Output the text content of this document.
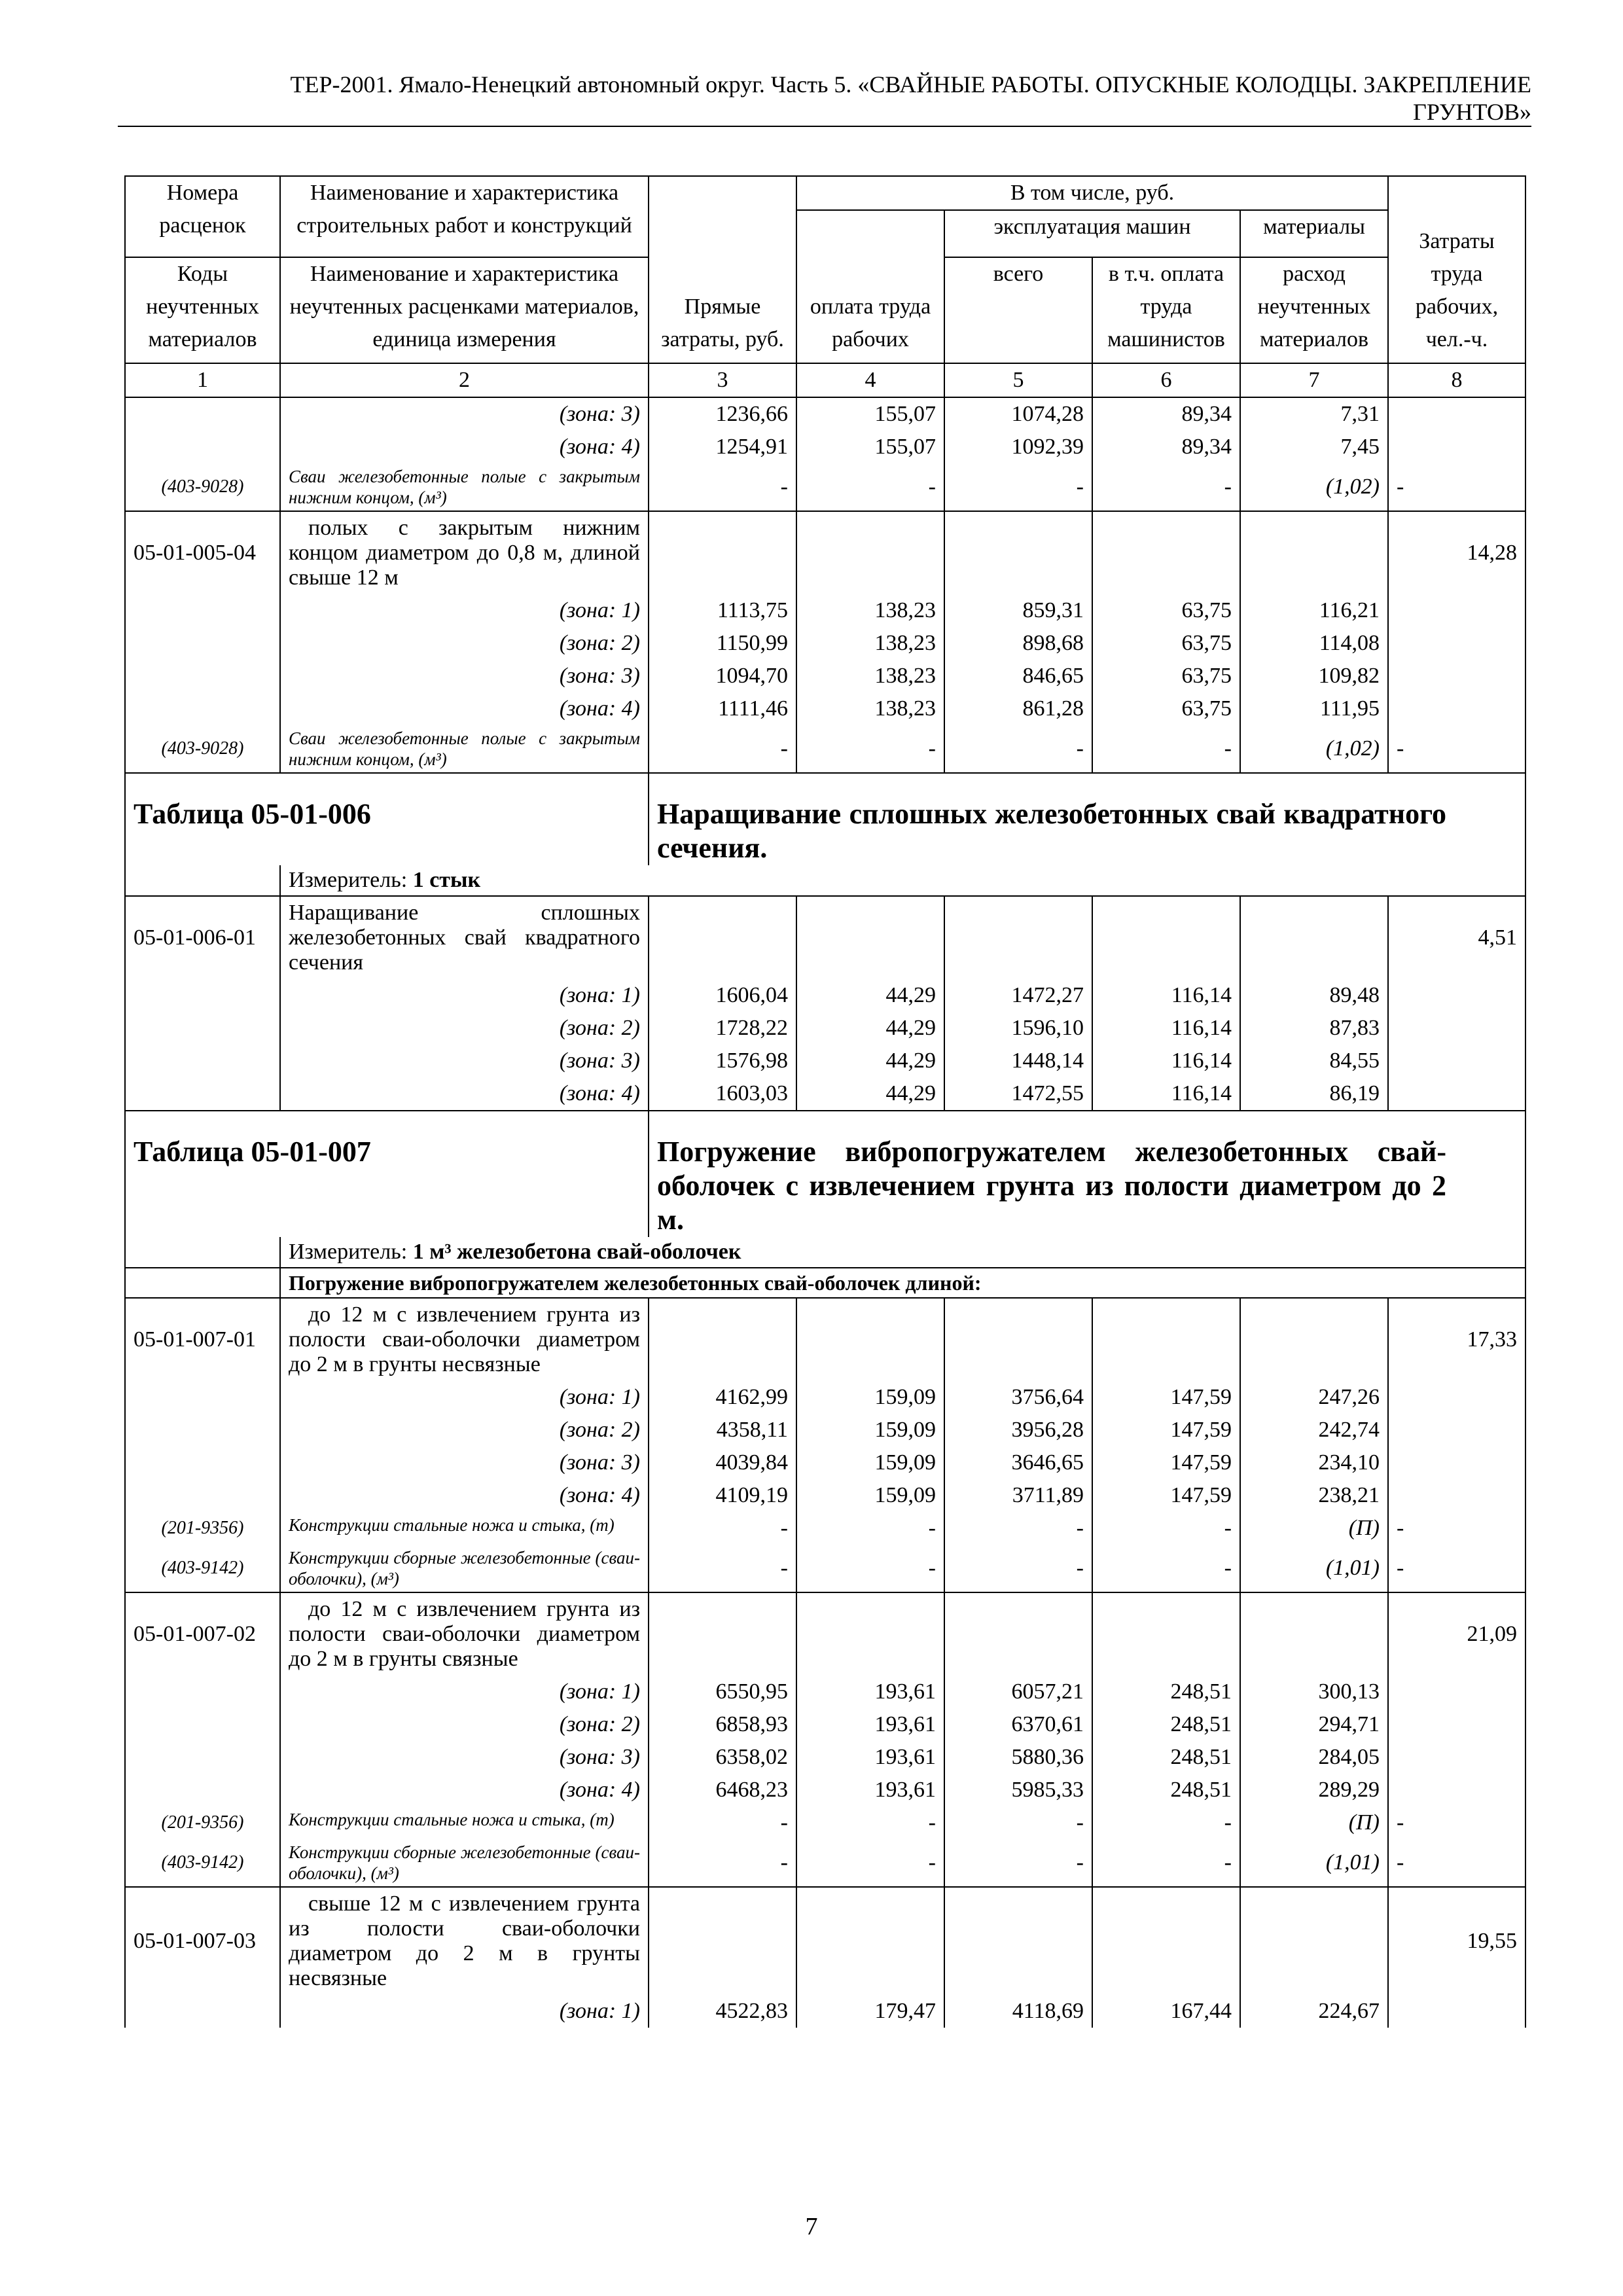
ТЕР-2001. Ямало-Ненецкий автономный округ. Часть 5. «СВАЙНЫЕ РАБОТЫ. ОПУСКНЫЕ КОЛОДЦЫ. ЗАКРЕПЛЕНИЕ
ГРУНТОВ»
Номера расценок	Наименование и характеристика строительных работ и конструкций	Прямые затраты, руб.	В том числе, руб.				Затраты труда рабочих, чел.-ч.
			оплата труда рабочих	эксплуатация машин		материалы	
Коды неучтенных материалов	Наименование и характеристика неучтенных расценками материалов, единица измерения			всего	в т.ч. оплата труда машинистов	расход неучтенных материалов	

1	2	3	4	5	6	7	8
	(зона: 3)	1236,66	155,07	1074,28	89,34	7,31	
	(зона: 4)	1254,91	155,07	1092,39	89,34	7,45	
(403-9028)	Сваи железобетонные полые с закрытым нижним концом, (м³)	-	-	-	-	(1,02)	-
05-01-005-04	полых с закрытым нижним концом диаметром до 0,8 м, длиной свыше 12 м						14,28
	(зона: 1)	1113,75	138,23	859,31	63,75	116,21	
	(зона: 2)	1150,99	138,23	898,68	63,75	114,08	
	(зона: 3)	1094,70	138,23	846,65	63,75	109,82	
	(зона: 4)	1111,46	138,23	861,28	63,75	111,95	
(403-9028)	Сваи железобетонные полые с закрытым нижним концом, (м³)	-	-	-	-	(1,02)	-
Таблица 05-01-006		Наращивание сплошных железобетонных свай квадратного сечения.					
	Измеритель: 1 стык						
05-01-006-01	Наращивание сплошных железобетонных свай квадратного сечения						4,51
	(зона: 1)	1606,04	44,29	1472,27	116,14	89,48	
	(зона: 2)	1728,22	44,29	1596,10	116,14	87,83	
	(зона: 3)	1576,98	44,29	1448,14	116,14	84,55	
	(зона: 4)	1603,03	44,29	1472,55	116,14	86,19	
Таблица 05-01-007		Погружение вибропогружателем железобетонных свай-оболочек с извлечением грунта из полости диаметром до 2 м.					
	Измеритель: 1 м³ железобетона свай-оболочек						
	Погружение вибропогружателем железобетонных свай-оболочек длиной:						
05-01-007-01	до 12 м с извлечением грунта из полости сваи-оболочки диаметром до 2 м в грунты несвязные						17,33
	(зона: 1)	4162,99	159,09	3756,64	147,59	247,26	
	(зона: 2)	4358,11	159,09	3956,28	147,59	242,74	
	(зона: 3)	4039,84	159,09	3646,65	147,59	234,10	
	(зона: 4)	4109,19	159,09	3711,89	147,59	238,21	
(201-9356)	Конструкции стальные ножа и стыка, (т)	-	-	-	-	(П)	-
(403-9142)	Конструкции сборные железобетонные (сваи-оболочки), (м³)	-	-	-	-	(1,01)	-
05-01-007-02	до 12 м с извлечением грунта из полости сваи-оболочки диаметром до 2 м в грунты связные						21,09
	(зона: 1)	6550,95	193,61	6057,21	248,51	300,13	
	(зона: 2)	6858,93	193,61	6370,61	248,51	294,71	
	(зона: 3)	6358,02	193,61	5880,36	248,51	284,05	
	(зона: 4)	6468,23	193,61	5985,33	248,51	289,29	
(201-9356)	Конструкции стальные ножа и стыка, (т)	-	-	-	-	(П)	-
(403-9142)	Конструкции сборные железобетонные (сваи-оболочки), (м³)	-	-	-	-	(1,01)	-
05-01-007-03	свыше 12 м с извлечением грунта из полости сваи-оболочки диаметром до 2 м в грунты несвязные						19,55
	(зона: 1)	4522,83	179,47	4118,69	167,44	224,67	
7
